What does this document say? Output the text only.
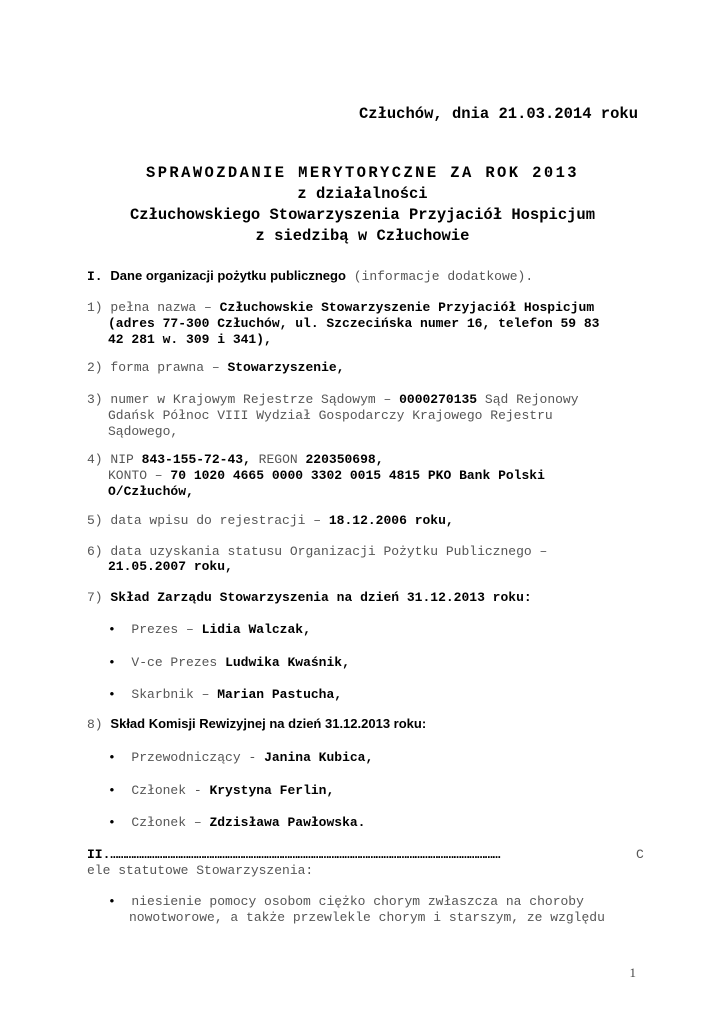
Człuchów, dnia 21.03.2014 roku
SPRAWOZDANIE MERYTORYCZNE ZA ROK 2013
z działalności
Człuchowskiego Stowarzyszenia Przyjaciół Hospicjum
z siedzibą w Człuchowie
I. Dane organizacji pożytku publicznego (informacje dodatkowe).
1) pełna nazwa – Człuchowskie Stowarzyszenie Przyjaciół Hospicjum
(adres 77-300 Człuchów, ul. Szczecińska numer 16, telefon 59 83
42 281 w. 309 i 341),
2) forma prawna – Stowarzyszenie,
3) numer w Krajowym Rejestrze Sądowym – 0000270135 Sąd Rejonowy
Gdańsk Północ VIII Wydział Gospodarczy Krajowego Rejestru
Sądowego,
4) NIP 843-155-72-43, REGON 220350698,
KONTO – 70 1020 4665 0000 3302 0015 4815 PKO Bank Polski
O/Człuchów,
5) data wpisu do rejestracji – 18.12.2006 roku,
6) data uzyskania statusu Organizacji Pożytku Publicznego –
21.05.2007 roku,
7) Skład Zarządu Stowarzyszenia na dzień 31.12.2013 roku:
• Prezes – Lidia Walczak,
• V-ce Prezes Ludwika Kwaśnik,
• Skarbnik – Marian Pastucha,
8) Skład Komisji Rewizyjnej na dzień 31.12.2013 roku:
• Przewodniczący - Janina Kubica,
• Członek - Krystyna Ferlin,
• Członek – Zdzisława Pawłowska.
II.……………………………………………………………………………………………………………………………………	C
ele statutowe Stowarzyszenia:
• niesienie pomocy osobom ciężko chorym zwłaszcza na choroby
nowotworowe, a także przewlekle chorym i starszym, ze względu
1
